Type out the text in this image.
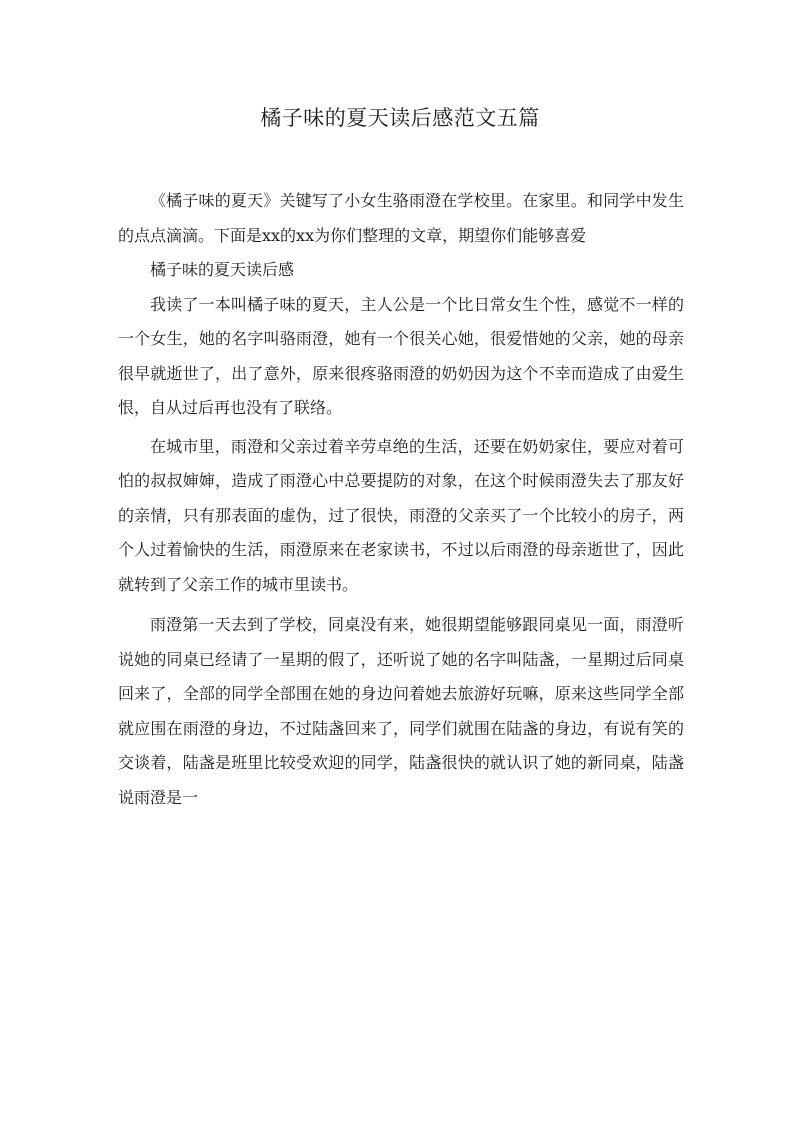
橘子味的夏天读后感范文五篇

《橘子味的夏天》关键写了小女生骆雨澄在学校里。在家里。和同学中发生的点点滴滴。下面是xx的xx为你们整理的文章，期望你们能够喜爱

橘子味的夏天读后感

我读了一本叫橘子味的夏天，主人公是一个比日常女生个性，感觉不一样的一个女生，她的名字叫骆雨澄，她有一个很关心她，很爱惜她的父亲，她的母亲很早就逝世了，出了意外，原来很疼骆雨澄的奶奶因为这个不幸而造成了由爱生恨，自从过后再也没有了联络。

在城市里，雨澄和父亲过着辛劳卓绝的生活，还要在奶奶家住，要应对着可怕的叔叔婶婶，造成了雨澄心中总要提防的对象，在这个时候雨澄失去了那友好的亲情，只有那表面的虚伪，过了很快，雨澄的父亲买了一个比较小的房子，两个人过着愉快的生活，雨澄原来在老家读书，不过以后雨澄的母亲逝世了，因此就转到了父亲工作的城市里读书。

雨澄第一天去到了学校，同桌没有来，她很期望能够跟同桌见一面，雨澄听说她的同桌已经请了一星期的假了，还听说了她的名字叫陆盏，一星期过后同桌回来了，全部的同学全部围在她的身边问着她去旅游好玩嘛，原来这些同学全部就应围在雨澄的身边，不过陆盏回来了，同学们就围在陆盏的身边，有说有笑的交谈着，陆盏是班里比较受欢迎的同学，陆盏很快的就认识了她的新同桌，陆盏说雨澄是一
